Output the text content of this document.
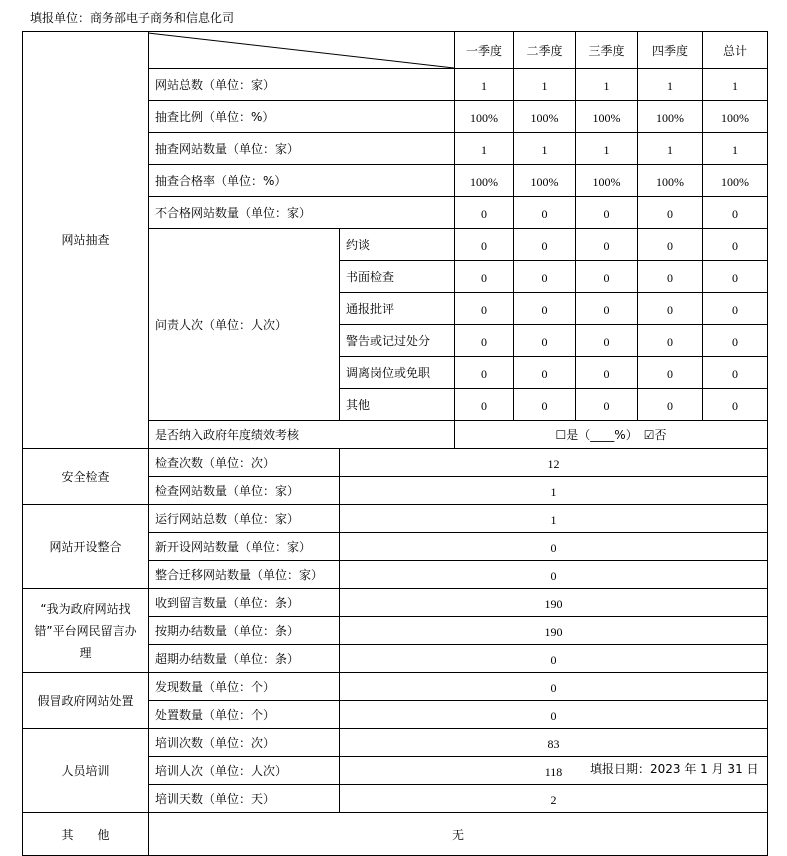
填报单位：商务部电子商务和信息化司
网站抽查			一季度	二季度	三季度	四季度	总计
	网站总数（单位：家）		1	1	1	1	1
	抽查比例（单位：%）		100%	100%	100%	100%	100%
	抽查网站数量（单位：家）		1	1	1	1	1
	抽查合格率（单位：%）		100%	100%	100%	100%	100%
	不合格网站数量（单位：家）		0	0	0	0	0
	问责人次（单位：人次）	约谈	0	0	0	0	0
		书面检查	0	0	0	0	0
		通报批评	0	0	0	0	0
		警告或记过处分	0	0	0	0	0
		调离岗位或免职	0	0	0	0	0
		其他	0	0	0	0	0
	是否纳入政府年度绩效考核		☐是（____%）　☑否				
安全检查	检查次数（单位：次）	12					
	检查网站数量（单位：家）	1					
网站开设整合	运行网站总数（单位：家）	1					
	新开设网站数量（单位：家）	0					
	整合迁移网站数量（单位：家）	0					
“我为政府网站找错”平台网民留言办理	收到留言数量（单位：条）	190					
	按期办结数量（单位：条）	190					
	超期办结数量（单位：条）	0					
假冒政府网站处置	发现数量（单位：个）	0					
	处置数量（单位：个）	0					
人员培训	培训次数（单位：次）	83					
	培训人次（单位：人次）	118					
	培训天数（单位：天）	2					
其　　他	无						
填报日期：2023 年 1 月 31 日
